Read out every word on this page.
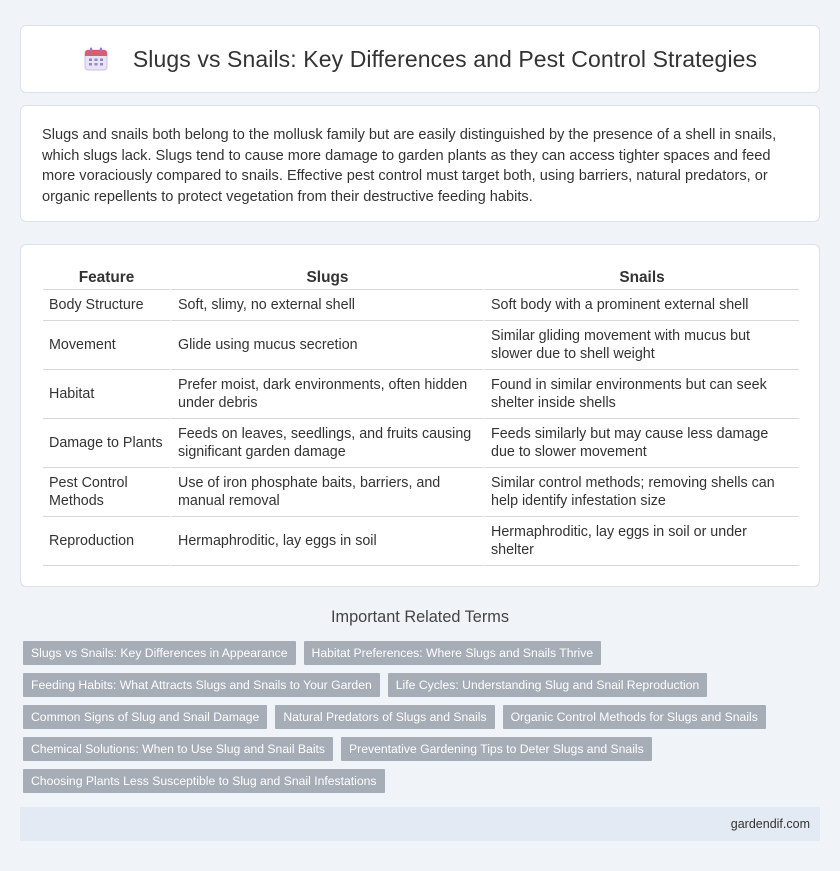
Slugs vs Snails: Key Differences and Pest Control Strategies

Slugs and snails both belong to the mollusk family but are easily distinguished by the presence of a shell in snails, which slugs lack. Slugs tend to cause more damage to garden plants as they can access tighter spaces and feed more voraciously compared to snails. Effective pest control must target both, using barriers, natural predators, or organic repellents to protect vegetation from their destructive feeding habits.

Feature	Slugs	Snails
Body Structure	Soft, slimy, no external shell	Soft body with a prominent external shell
Movement	Glide using mucus secretion	Similar gliding movement with mucus but slower due to shell weight
Habitat	Prefer moist, dark environments, often hidden under debris	Found in similar environments but can seek shelter inside shells
Damage to Plants	Feeds on leaves, seedlings, and fruits causing significant garden damage	Feeds similarly but may cause less damage due to slower movement
Pest Control Methods	Use of iron phosphate baits, barriers, and manual removal	Similar control methods; removing shells can help identify infestation size
Reproduction	Hermaphroditic, lay eggs in soil	Hermaphroditic, lay eggs in soil or under shelter
Important Related Terms
Slugs vs Snails: Key Differences in Appearance	Habitat Preferences: Where Slugs and Snails Thrive
Feeding Habits: What Attracts Slugs and Snails to Your Garden	Life Cycles: Understanding Slug and Snail Reproduction
Common Signs of Slug and Snail Damage	Natural Predators of Slugs and Snails	Organic Control Methods for Slugs and Snails
Chemical Solutions: When to Use Slug and Snail Baits	Preventative Gardening Tips to Deter Slugs and Snails
Choosing Plants Less Susceptible to Slug and Snail Infestations
gardendif.com
